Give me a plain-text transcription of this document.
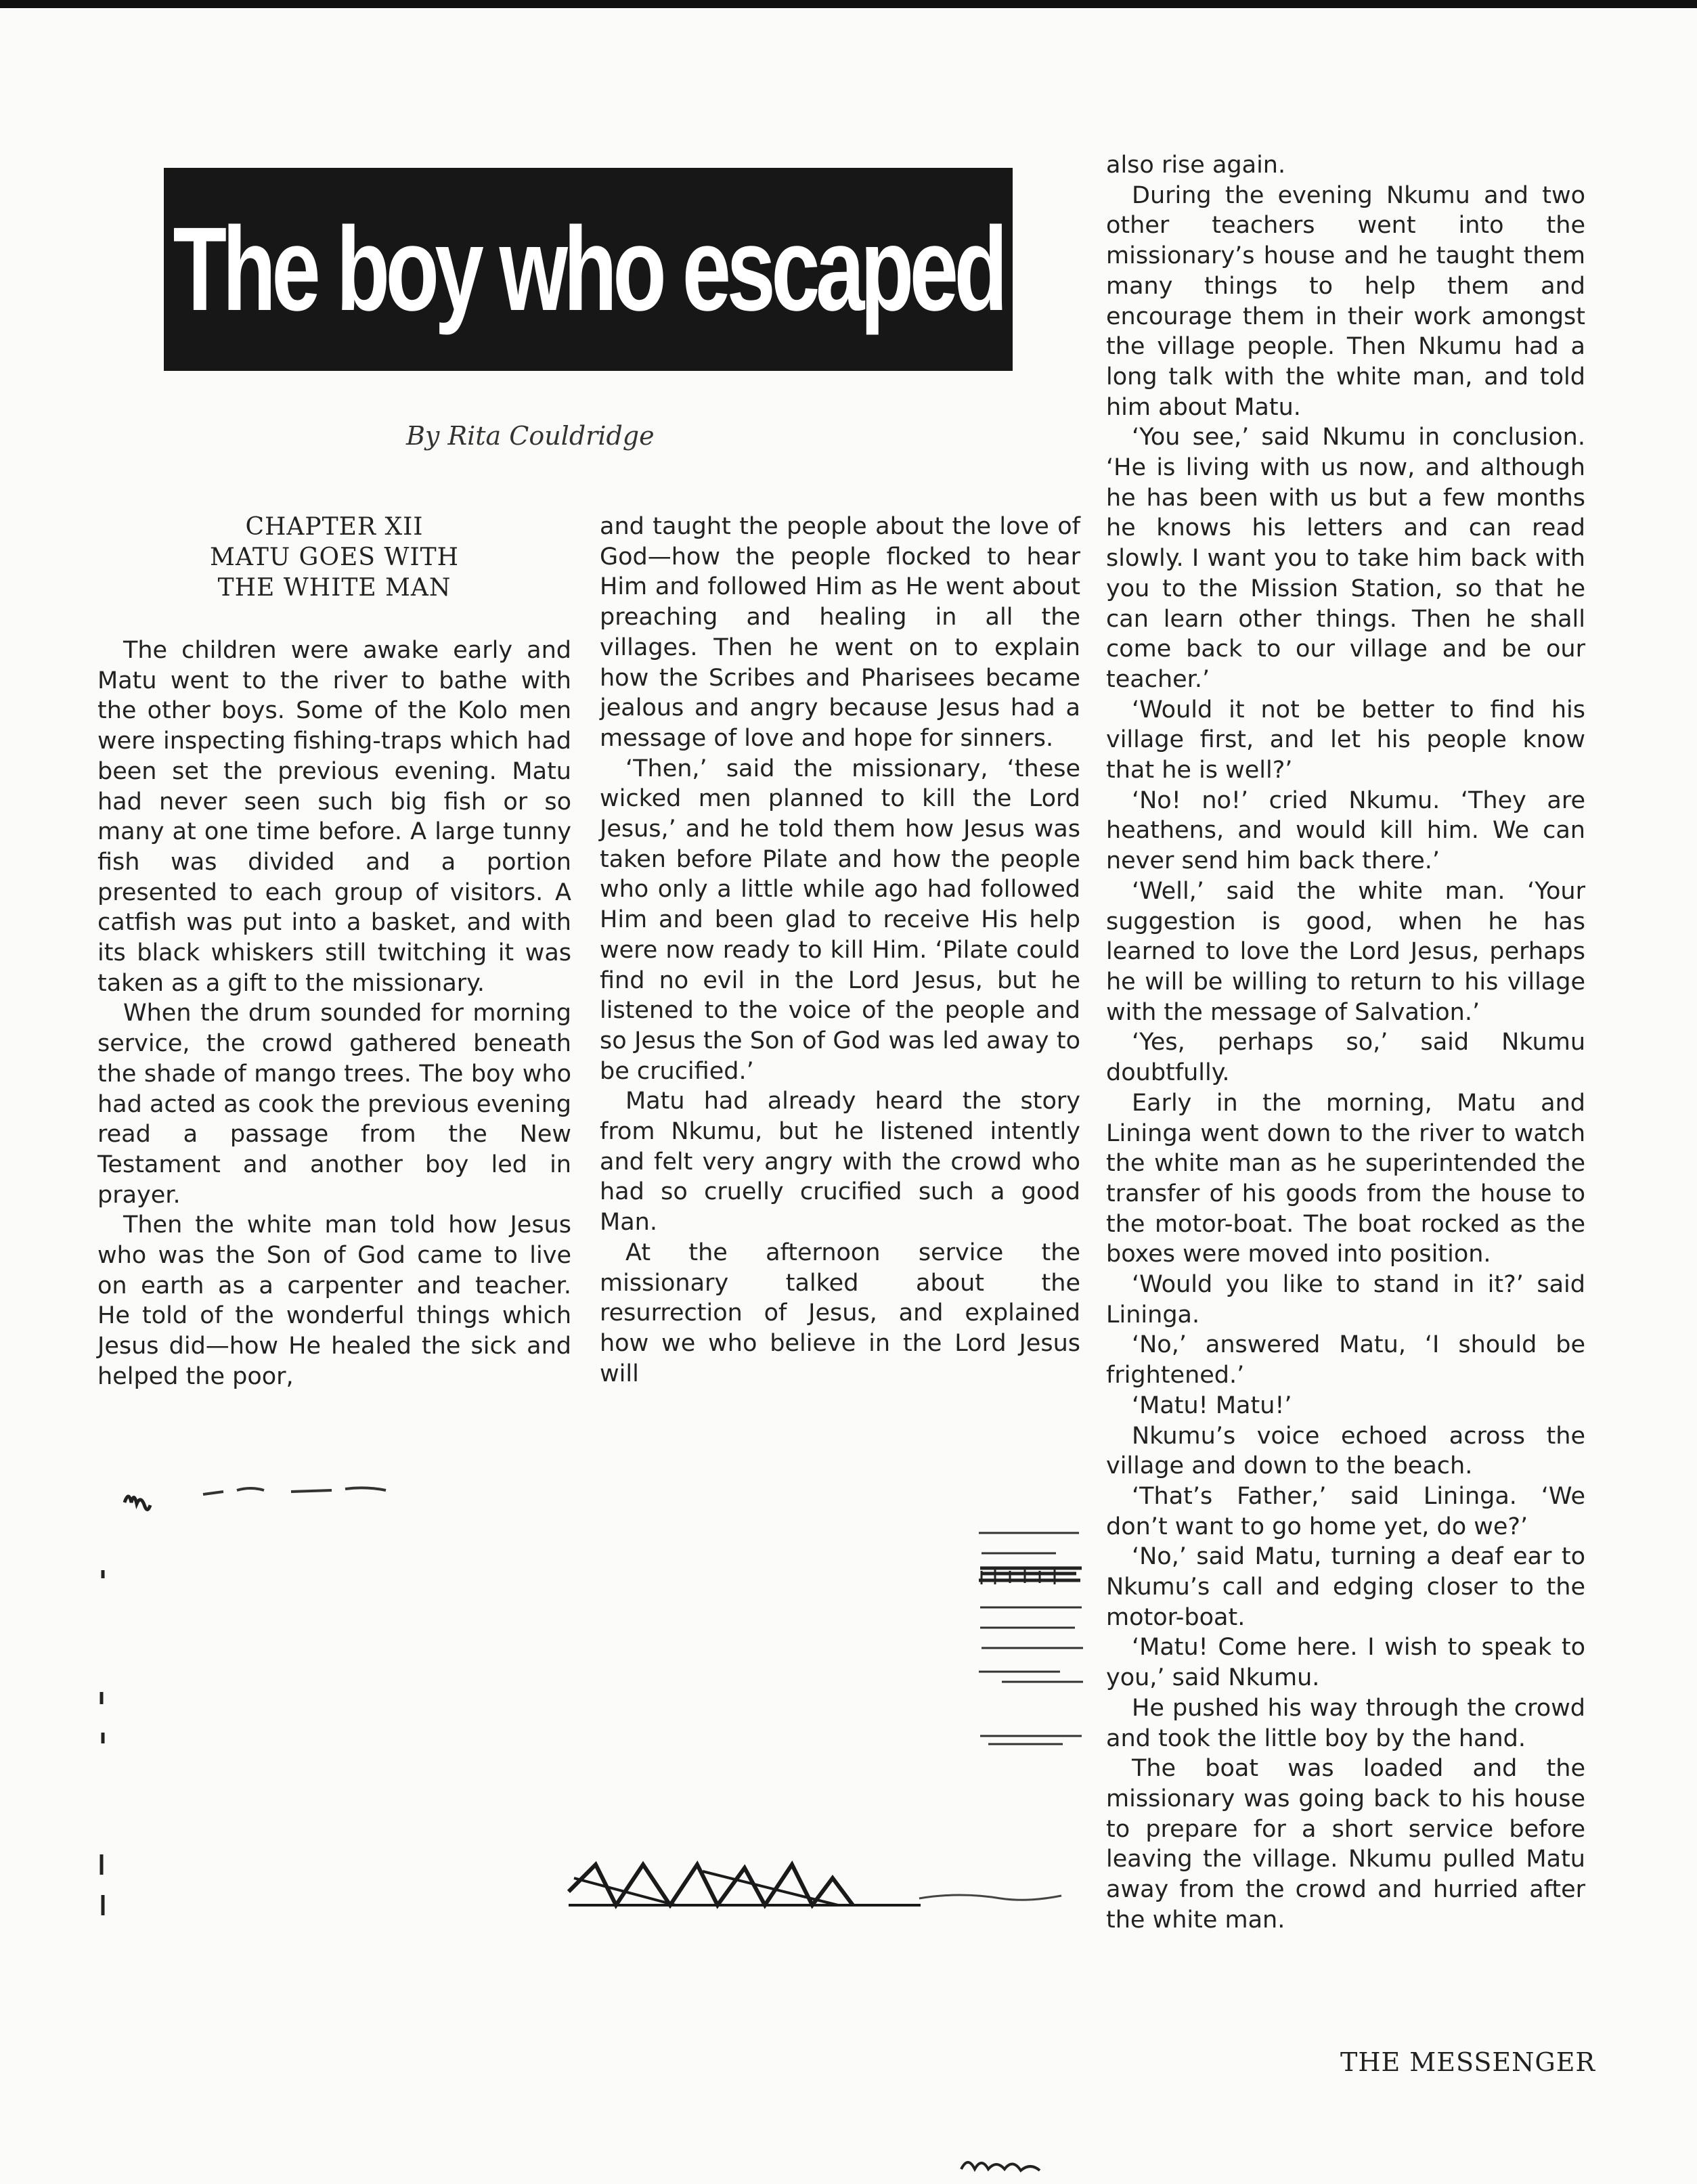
The boy who escaped
By Rita Couldridge
CHAPTER XII
MATU GOES WITH
THE WHITE MAN

The children were awake early and Matu went to the river to bathe with the other boys. Some of the Kolo men were inspecting fishing-traps which had been set the previous evening. Matu had never seen such big fish or so many at one time before. A large tunny fish was divided and a portion presented to each group of visitors. A catfish was put into a basket, and with its black whiskers still twitching it was taken as a gift to the missionary.

When the drum sounded for morning service, the crowd gathered beneath the shade of mango trees. The boy who had acted as cook the previous evening read a passage from the New Testament and another boy led in prayer.

Then the white man told how Jesus who was the Son of God came to live on earth as a carpenter and teacher. He told of the wonderful things which Jesus did—how He healed the sick and helped the poor,

and taught the people about the love of God—how the people flocked to hear Him and followed Him as He went about preaching and healing in all the villages. Then he went on to explain how the Scribes and Pharisees became jealous and angry because Jesus had a message of love and hope for sinners.

‘Then,’ said the missionary, ‘these wicked men planned to kill the Lord Jesus,’ and he told them how Jesus was taken before Pilate and how the people who only a little while ago had followed Him and been glad to receive His help were now ready to kill Him. ‘Pilate could find no evil in the Lord Jesus, but he listened to the voice of the people and so Jesus the Son of God was led away to be crucified.’

Matu had already heard the story from Nkumu, but he listened intently and felt very angry with the crowd who had so cruelly crucified such a good Man.

At the afternoon service the missionary talked about the resurrection of Jesus, and explained how we who believe in the Lord Jesus will

also rise again.

During the evening Nkumu and two other teachers went into the missionary’s house and he taught them many things to help them and encourage them in their work amongst the village people. Then Nkumu had a long talk with the white man, and told him about Matu.

‘You see,’ said Nkumu in conclusion. ‘He is living with us now, and although he has been with us but a few months he knows his letters and can read slowly. I want you to take him back with you to the Mission Station, so that he can learn other things. Then he shall come back to our village and be our teacher.’

‘Would it not be better to find his village first, and let his people know that he is well?’

‘No! no!’ cried Nkumu. ‘They are heathens, and would kill him. We can never send him back there.’

‘Well,’ said the white man. ‘Your suggestion is good, when he has learned to love the Lord Jesus, perhaps he will be willing to return to his village with the message of Salvation.’

‘Yes, perhaps so,’ said Nkumu doubtfully.

Early in the morning, Matu and Lininga went down to the river to watch the white man as he superintended the transfer of his goods from the house to the motor-boat. The boat rocked as the boxes were moved into position.

‘Would you like to stand in it?’ said Lininga.

‘No,’ answered Matu, ‘I should be frightened.’

‘Matu! Matu!’

Nkumu’s voice echoed across the village and down to the beach.

‘That’s Father,’ said Lininga. ‘We don’t want to go home yet, do we?’

‘No,’ said Matu, turning a deaf ear to Nkumu’s call and edging closer to the motor-boat.

‘Matu! Come here. I wish to speak to you,’ said Nkumu.

He pushed his way through the crowd and took the little boy by the hand.

The boat was loaded and the missionary was going back to his house to prepare for a short service before leaving the village. Nkumu pulled Matu away from the crowd and hurried after the white man.

THE MESSENGER
